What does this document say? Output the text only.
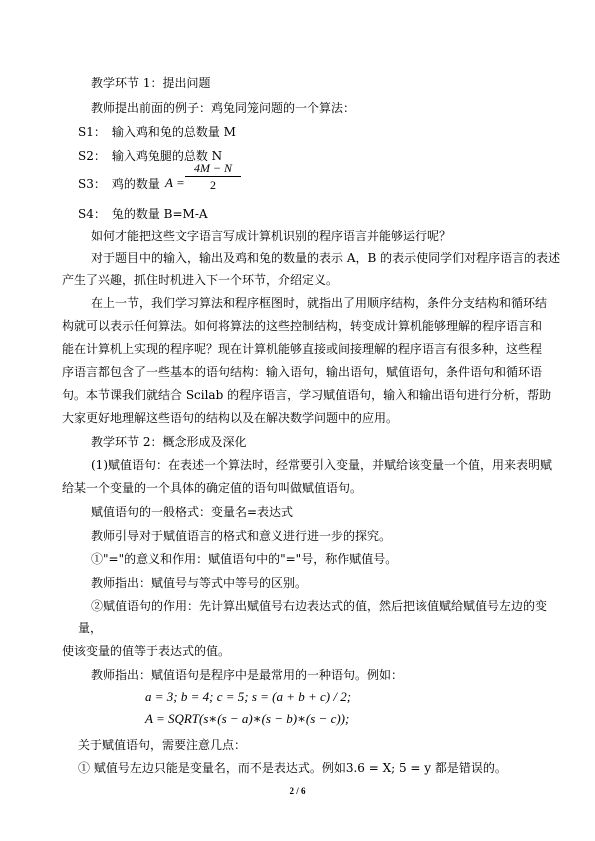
教学环节 1：提出问题

教师提出前面的例子：鸡兔同笼问题的一个算法：

S1：　输入鸡和兔的总数量 M

S2：　输入鸡兔腿的总数 N

S3：　鸡的数量 A =
4M − N
2

S4：　兔的数量 B=M-A

如何才能把这些文字语言写成计算机识别的程序语言并能够运行呢？

对于题目中的输入，输出及鸡和兔的数量的表示 A，B 的表示使同学们对程序语言的表述

产生了兴趣，抓住时机进入下一个环节，介绍定义。

在上一节，我们学习算法和程序框图时，就指出了用顺序结构，条件分支结构和循环结

构就可以表示任何算法。如何将算法的这些控制结构，转变成计算机能够理解的程序语言和

能在计算机上实现的程序呢？现在计算机能够直接或间接理解的程序语言有很多种，这些程

序语言都包含了一些基本的语句结构：输入语句，输出语句，赋值语句，条件语句和循环语

句。本节课我们就结合 Scilab 的程序语言，学习赋值语句，输入和输出语句进行分析，帮助

大家更好地理解这些语句的结构以及在解决数学问题中的应用。

教学环节 2：概念形成及深化

(1)赋值语句：在表述一个算法时，经常要引入变量，并赋给该变量一个值，用来表明赋

给某一个变量的一个具体的确定值的语句叫做赋值语句。

赋值语句的一般格式：变量名=表达式

教师引导对于赋值语言的格式和意义进行进一步的探究。

①"="的意义和作用：赋值语句中的"="号，称作赋值号。

教师指出：赋值号与等式中等号的区别。

②赋值语句的作用：先计算出赋值号右边表达式的值，然后把该值赋给赋值号左边的变

量，

使该变量的值等于表达式的值。

教师指出：赋值语句是程序中是最常用的一种语句。例如：

a = 3; b = 4; c = 5; s = (a + b + c) / 2;
A = SQRT(s∗(s − a)∗(s − b)∗(s − c));

关于赋值语句，需要注意几点：

① 赋值号左边只能是变量名，而不是表达式。例如3.6 = X; 5 = y 都是错误的。

2 / 6
